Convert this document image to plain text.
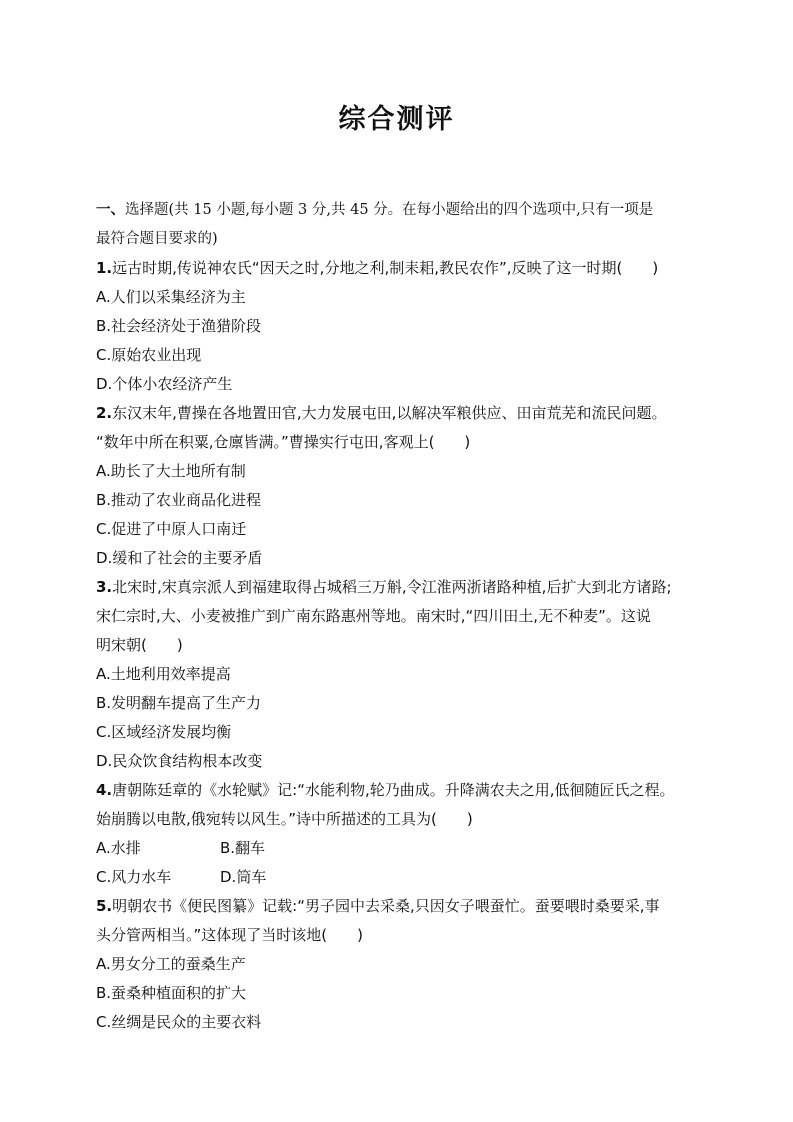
综合测评

一、选择题(共 15 小题,每小题 3 分,共 45 分。在每小题给出的四个选项中,只有一项是

最符合题目要求的)

1.远古时期,传说神农氏“因天之时,分地之利,制耒耜,教民农作”,反映了这一时期(　　)

A.人们以采集经济为主

B.社会经济处于渔猎阶段

C.原始农业出现

D.个体小农经济产生

2.东汉末年,曹操在各地置田官,大力发展屯田,以解决军粮供应、田亩荒芜和流民问题。

“数年中所在积粟,仓廪皆满。”曹操实行屯田,客观上(　　)

A.助长了大土地所有制

B.推动了农业商品化进程

C.促进了中原人口南迁

D.缓和了社会的主要矛盾

3.北宋时,宋真宗派人到福建取得占城稻三万斛,令江淮两浙诸路种植,后扩大到北方诸路;

宋仁宗时,大、小麦被推广到广南东路惠州等地。南宋时,“四川田土,无不种麦”。这说

明宋朝(　　)

A.土地利用效率提高

B.发明翻车提高了生产力

C.区域经济发展均衡

D.民众饮食结构根本改变

4.唐朝陈廷章的《水轮赋》记:“水能利物,轮乃曲成。升降满农夫之用,低徊随匠氏之程。

始崩腾以电散,俄宛转以风生。”诗中所描述的工具为(　　)

A.水排	B.翻车
C.风力水车	D.筒车

5.明朝农书《便民图纂》记载:“男子园中去采桑,只因女子喂蚕忙。蚕要喂时桑要采,事

头分管两相当。”这体现了当时该地(　　)

A.男女分工的蚕桑生产

B.蚕桑种植面积的扩大

C.丝绸是民众的主要衣料
